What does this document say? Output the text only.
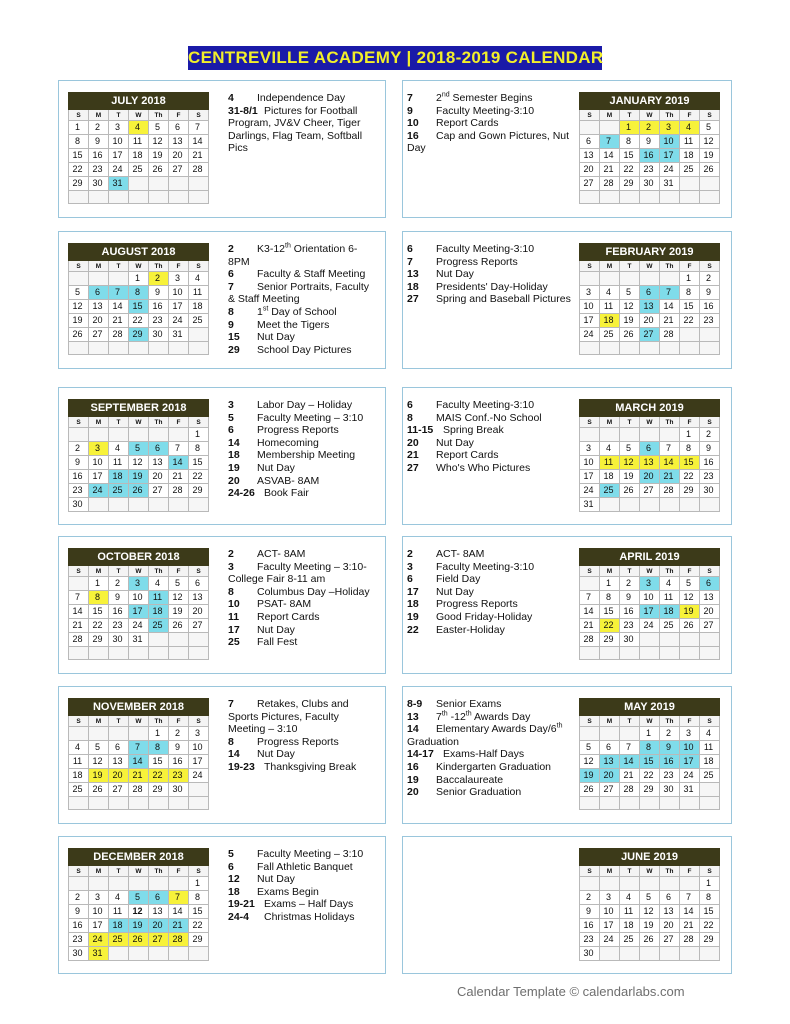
CENTREVILLE ACADEMY | 2018-2019 CALENDAR
JULY 2018						
S	M	T	W	Th	F	S
1	2	3	4	5	6	7
8	9	10	11	12	13	14
15	16	17	18	19	20	21
22	23	24	25	26	27	28
29	30	31				

JANUARY 2019						
S	M	T	W	Th	F	S
		1	2	3	4	5
6	7	8	9	10	11	12
13	14	15	16	17	18	19
20	21	22	23	24	25	26
27	28	29	30	31		

4 Independence Day
31-8/1 Pictures for Football Program, JV&V Cheer, Tiger Darlings, Flag Team, Softball Pics
7 2nd Semester Begins
9 Faculty Meeting-3:10
10 Report Cards
16 Cap and Gown Pictures, Nut Day
AUGUST 2018						
S	M	T	W	Th	F	S
			1	2	3	4
5	6	7	8	9	10	11
12	13	14	15	16	17	18
19	20	21	22	23	24	25
26	27	28	29	30	31	

FEBRUARY 2019						
S	M	T	W	Th	F	S
					1	2
3	4	5	6	7	8	9
10	11	12	13	14	15	16
17	18	19	20	21	22	23
24	25	26	27	28		

2 K3-12th Orientation 6-8PM
6 Faculty & Staff Meeting
7 Senior Portraits, Faculty & Staff Meeting
8 1st Day of School
9 Meet the Tigers
15 Nut Day
29 School Day Pictures
6 Faculty Meeting-3:10
7 Progress Reports
13 Nut Day
18 Presidents' Day-Holiday
27 Spring and Baseball Pictures
SEPTEMBER 2018						
S	M	T	W	Th	F	S
						1
2	3	4	5	6	7	8
9	10	11	12	13	14	15
16	17	18	19	20	21	22
23	24	25	26	27	28	29
30						
MARCH 2019						
S	M	T	W	Th	F	S
					1	2
3	4	5	6	7	8	9
10	11	12	13	14	15	16
17	18	19	20	21	22	23
24	25	26	27	28	29	30
31						
3 Labor Day – Holiday
5 Faculty Meeting – 3:10
6 Progress Reports
14 Homecoming
18 Membership Meeting
19 Nut Day
20 ASVAB- 8AM
24-26 Book Fair
6 Faculty Meeting-3:10
8 MAIS Conf.-No School
11-15 Spring Break
20 Nut Day
21 Report Cards
27 Who's Who Pictures
OCTOBER 2018						
S	M	T	W	Th	F	S
	1	2	3	4	5	6
7	8	9	10	11	12	13
14	15	16	17	18	19	20
21	22	23	24	25	26	27
28	29	30	31			

APRIL 2019						
S	M	T	W	Th	F	S
	1	2	3	4	5	6
7	8	9	10	11	12	13
14	15	16	17	18	19	20
21	22	23	24	25	26	27
28	29	30				

2 ACT- 8AM
3 Faculty Meeting – 3:10- College Fair 8-11 am
8 Columbus Day –Holiday
10 PSAT- 8AM
11 Report Cards
17 Nut Day
25 Fall Fest
2 ACT- 8AM
3 Faculty Meeting-3:10
6 Field Day
17 Nut Day
18 Progress Reports
19 Good Friday-Holiday
22 Easter-Holiday
NOVEMBER 2018						
S	M	T	W	Th	F	S
				1	2	3
4	5	6	7	8	9	10
11	12	13	14	15	16	17
18	19	20	21	22	23	24
25	26	27	28	29	30	

MAY 2019						
S	M	T	W	Th	F	S
			1	2	3	4
5	6	7	8	9	10	11
12	13	14	15	16	17	18
19	20	21	22	23	24	25
26	27	28	29	30	31	

7 Retakes, Clubs and Sports Pictures, Faculty Meeting – 3:10
8 Progress Reports
14 Nut Day
19-23 Thanksgiving Break
8-9 Senior Exams
13 7th -12th Awards Day
14 Elementary Awards Day/6th Graduation
14-17 Exams-Half Days
16 Kindergarten Graduation
19 Baccalaureate
20 Senior Graduation
DECEMBER 2018						
S	M	T	W	Th	F	S
						1
2	3	4	5	6	7	8
9	10	11	12	13	14	15
16	17	18	19	20	21	22
23	24	25	26	27	28	29
30	31					
JUNE 2019						
S	M	T	W	Th	F	S
						1
2	3	4	5	6	7	8
9	10	11	12	13	14	15
16	17	18	19	20	21	22
23	24	25	26	27	28	29
30						
5 Faculty Meeting – 3:10
6 Fall Athletic Banquet
12 Nut Day
18 Exams Begin
19-21 Exams – Half Days
24-4 Christmas Holidays
Calendar Template © calendarlabs.com
